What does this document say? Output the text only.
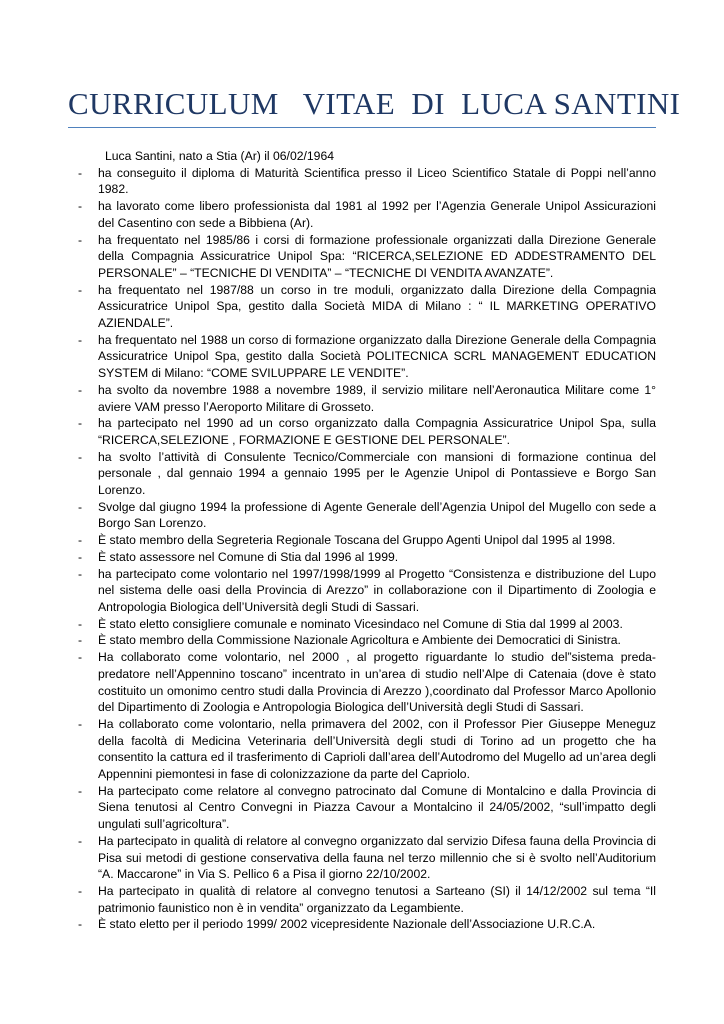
CURRICULUM   VITAE  DI  LUCA SANTINI

Luca Santini, nato a Stia (Ar) il 06/02/1964

- ha conseguito il diploma di Maturità Scientifica presso il Liceo Scientifico Statale di Poppi nell’anno 1982.
- ha lavorato come libero professionista dal 1981 al 1992 per l’Agenzia Generale Unipol Assicurazioni del Casentino con sede a Bibbiena (Ar).
- ha frequentato nel 1985/86 i corsi di formazione professionale organizzati dalla Direzione Generale della Compagnia Assicuratrice Unipol Spa: “RICERCA,SELEZIONE ED ADDESTRAMENTO DEL PERSONALE” – “TECNICHE DI VENDITA” – “TECNICHE DI VENDITA AVANZATE”.
- ha frequentato nel 1987/88 un corso in tre moduli, organizzato dalla Direzione della Compagnia Assicuratrice Unipol Spa, gestito dalla Società MIDA di Milano : “ IL MARKETING OPERATIVO AZIENDALE”.
- ha frequentato nel 1988 un corso di formazione organizzato dalla Direzione Generale della Compagnia Assicuratrice Unipol Spa, gestito dalla Società POLITECNICA SCRL MANAGEMENT EDUCATION SYSTEM di Milano: “COME SVILUPPARE LE VENDITE”.
- ha svolto da novembre 1988 a novembre 1989, il servizio militare nell’Aeronautica Militare come 1° aviere VAM presso l’Aeroporto Militare di Grosseto.
- ha partecipato nel 1990 ad un corso organizzato dalla Compagnia Assicuratrice Unipol Spa, sulla “RICERCA,SELEZIONE , FORMAZIONE E GESTIONE DEL PERSONALE”.
- ha svolto l’attività di Consulente Tecnico/Commerciale con mansioni di formazione continua del personale , dal gennaio 1994 a gennaio 1995 per le Agenzie Unipol di Pontassieve e Borgo San Lorenzo.
- Svolge dal giugno 1994 la professione di Agente Generale dell’Agenzia Unipol del Mugello con sede a Borgo San Lorenzo.
- È stato membro della Segreteria Regionale Toscana del Gruppo Agenti Unipol dal 1995 al 1998.
- È stato assessore nel Comune di Stia dal 1996 al 1999.
- ha partecipato come volontario nel 1997/1998/1999 al Progetto “Consistenza e distribuzione del Lupo nel sistema delle oasi della Provincia di Arezzo” in collaborazione con il Dipartimento di Zoologia e Antropologia Biologica dell’Università degli Studi di Sassari.
- È stato eletto consigliere comunale e nominato Vicesindaco nel Comune di Stia dal 1999 al 2003.
- È stato membro della Commissione Nazionale Agricoltura e Ambiente dei Democratici di Sinistra.
- Ha collaborato come volontario, nel 2000 , al progetto riguardante lo studio del”sistema preda-predatore nell’Appennino toscano” incentrato in un’area di studio nell’Alpe di Catenaia (dove è stato costituito un omonimo centro studi dalla Provincia di Arezzo ),coordinato dal Professor Marco Apollonio del Dipartimento di Zoologia e Antropologia Biologica dell’Università degli Studi di Sassari.
- Ha collaborato come volontario, nella primavera del 2002, con il Professor Pier Giuseppe Meneguz della facoltà di Medicina Veterinaria dell’Università degli studi di Torino ad un progetto che ha consentito la cattura ed il trasferimento di Caprioli dall’area dell’Autodromo del Mugello ad un’area degli Appennini piemontesi in fase di colonizzazione da parte del Capriolo.
- Ha partecipato come relatore al convegno patrocinato dal Comune di Montalcino e dalla Provincia di Siena tenutosi al Centro Convegni in Piazza Cavour a Montalcino il 24/05/2002, “sull’impatto degli ungulati sull’agricoltura”.
- Ha partecipato in qualità di relatore al convegno organizzato dal servizio Difesa fauna della Provincia di Pisa sui metodi di gestione conservativa della fauna nel terzo millennio che si è svolto nell’Auditorium “A. Maccarone” in Via S. Pellico 6 a Pisa il giorno 22/10/2002.
- Ha partecipato in qualità di relatore al convegno tenutosi a Sarteano (SI) il 14/12/2002 sul tema “Il patrimonio faunistico non è in vendita” organizzato da Legambiente.
- È stato eletto per il periodo 1999/ 2002 vicepresidente Nazionale dell’Associazione U.R.C.A.
